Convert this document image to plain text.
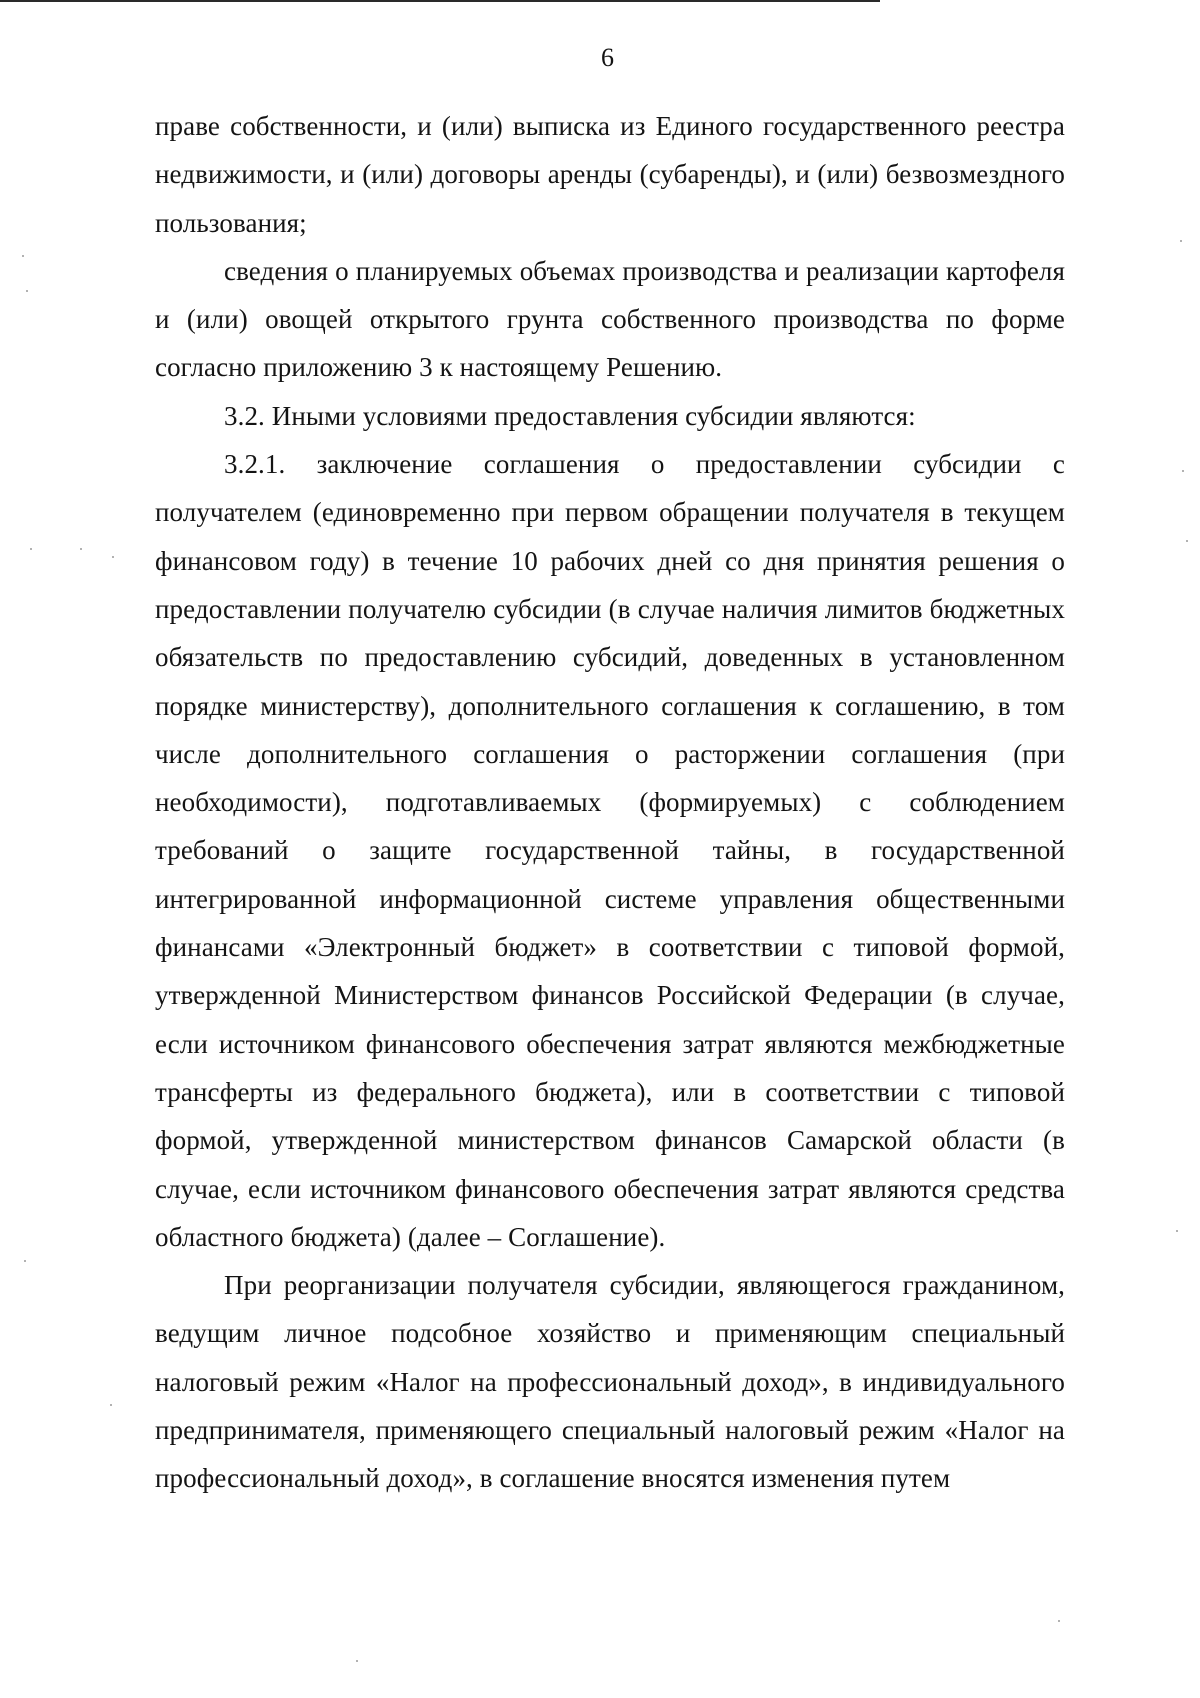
6

праве собственности, и (или) выписка из Единого государственного реестра недвижимости, и (или) договоры аренды (субаренды), и (или) безвозмездного пользования;

сведения о планируемых объемах производства и реализации картофеля и (или) овощей открытого грунта собственного производства по форме согласно приложению 3 к настоящему Решению.

3.2. Иными условиями предоставления субсидии являются:

3.2.1. заключение соглашения о предоставлении субсидии с получателем (единовременно при первом обращении получателя в текущем финансовом году) в течение 10 рабочих дней со дня принятия решения о предоставлении получателю субсидии (в случае наличия лимитов бюджетных обязательств по предоставлению субсидий, доведенных в установленном порядке министерству), дополнительного соглашения к соглашению, в том числе дополнительного соглашения о расторжении соглашения (при необходимости), подготавливаемых (формируемых) с соблюдением требований о защите государственной тайны, в государственной интегрированной информационной системе управления общественными финансами «Электронный бюджет» в соответствии с типовой формой, утвержденной Министерством финансов Российской Федерации (в случае, если источником финансового обеспечения затрат являются межбюджетные трансферты из федерального бюджета), или в соответствии с типовой формой, утвержденной министерством финансов Самарской области (в случае, если источником финансового обеспечения затрат являются средства областного бюджета) (далее – Соглашение).

При реорганизации получателя субсидии, являющегося гражданином, ведущим личное подсобное хозяйство и применяющим специальный налоговый режим «Налог на профессиональный доход», в индивидуального предпринимателя, применяющего специальный налоговый режим «Налог на профессиональный доход», в соглашение вносятся изменения путем
